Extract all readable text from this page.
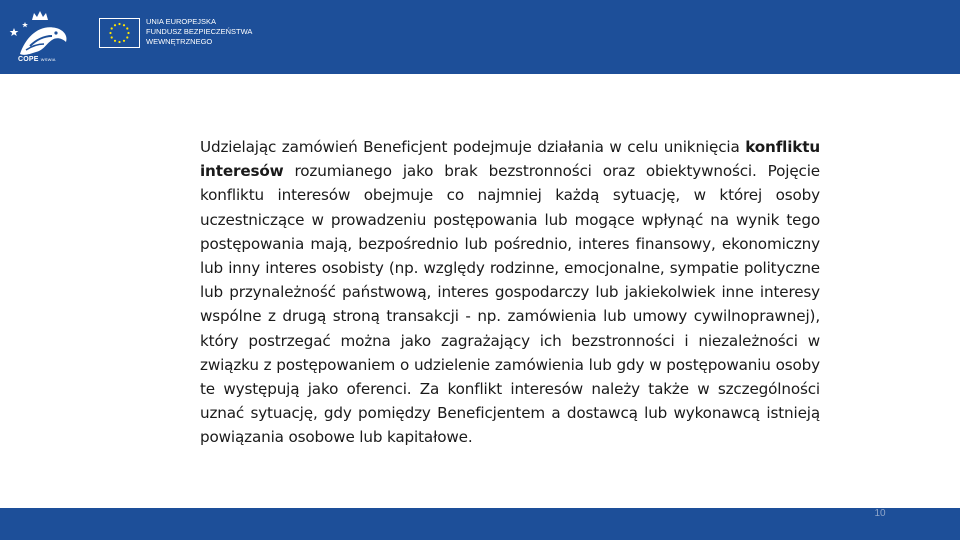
COPE WSWiA
UNIA EUROPEJSKA
FUNDUSZ BEZPIECZEŃSTWA
WEWNĘTRZNEGO
Udzielając zamówień Beneficjent podejmuje działania w celu uniknięcia konfliktu interesów rozumianego jako brak bezstronności oraz obiektywności. Pojęcie konfliktu interesów obejmuje co najmniej każdą sytuację, w której osoby uczestniczące w prowadzeniu postępowania lub mogące wpłynąć na wynik tego postępowania mają, bezpośrednio lub pośrednio, interes finansowy, ekonomiczny lub inny interes osobisty (np. względy rodzinne, emocjonalne, sympatie polityczne lub przynależność państwową, interes gospodarczy lub jakiekolwiek inne interesy wspólne z drugą stroną transakcji - np. zamówienia lub umowy cywilnoprawnej), który postrzegać można jako zagrażający ich bezstronności i niezależności w związku z postępowaniem o udzielenie zamówienia lub gdy w postępowaniu osoby te występują jako oferenci. Za konflikt interesów należy także w szczególności uznać sytuację, gdy pomiędzy Beneficjentem a dostawcą lub wykonawcą istnieją powiązania osobowe lub kapitałowe.
10
